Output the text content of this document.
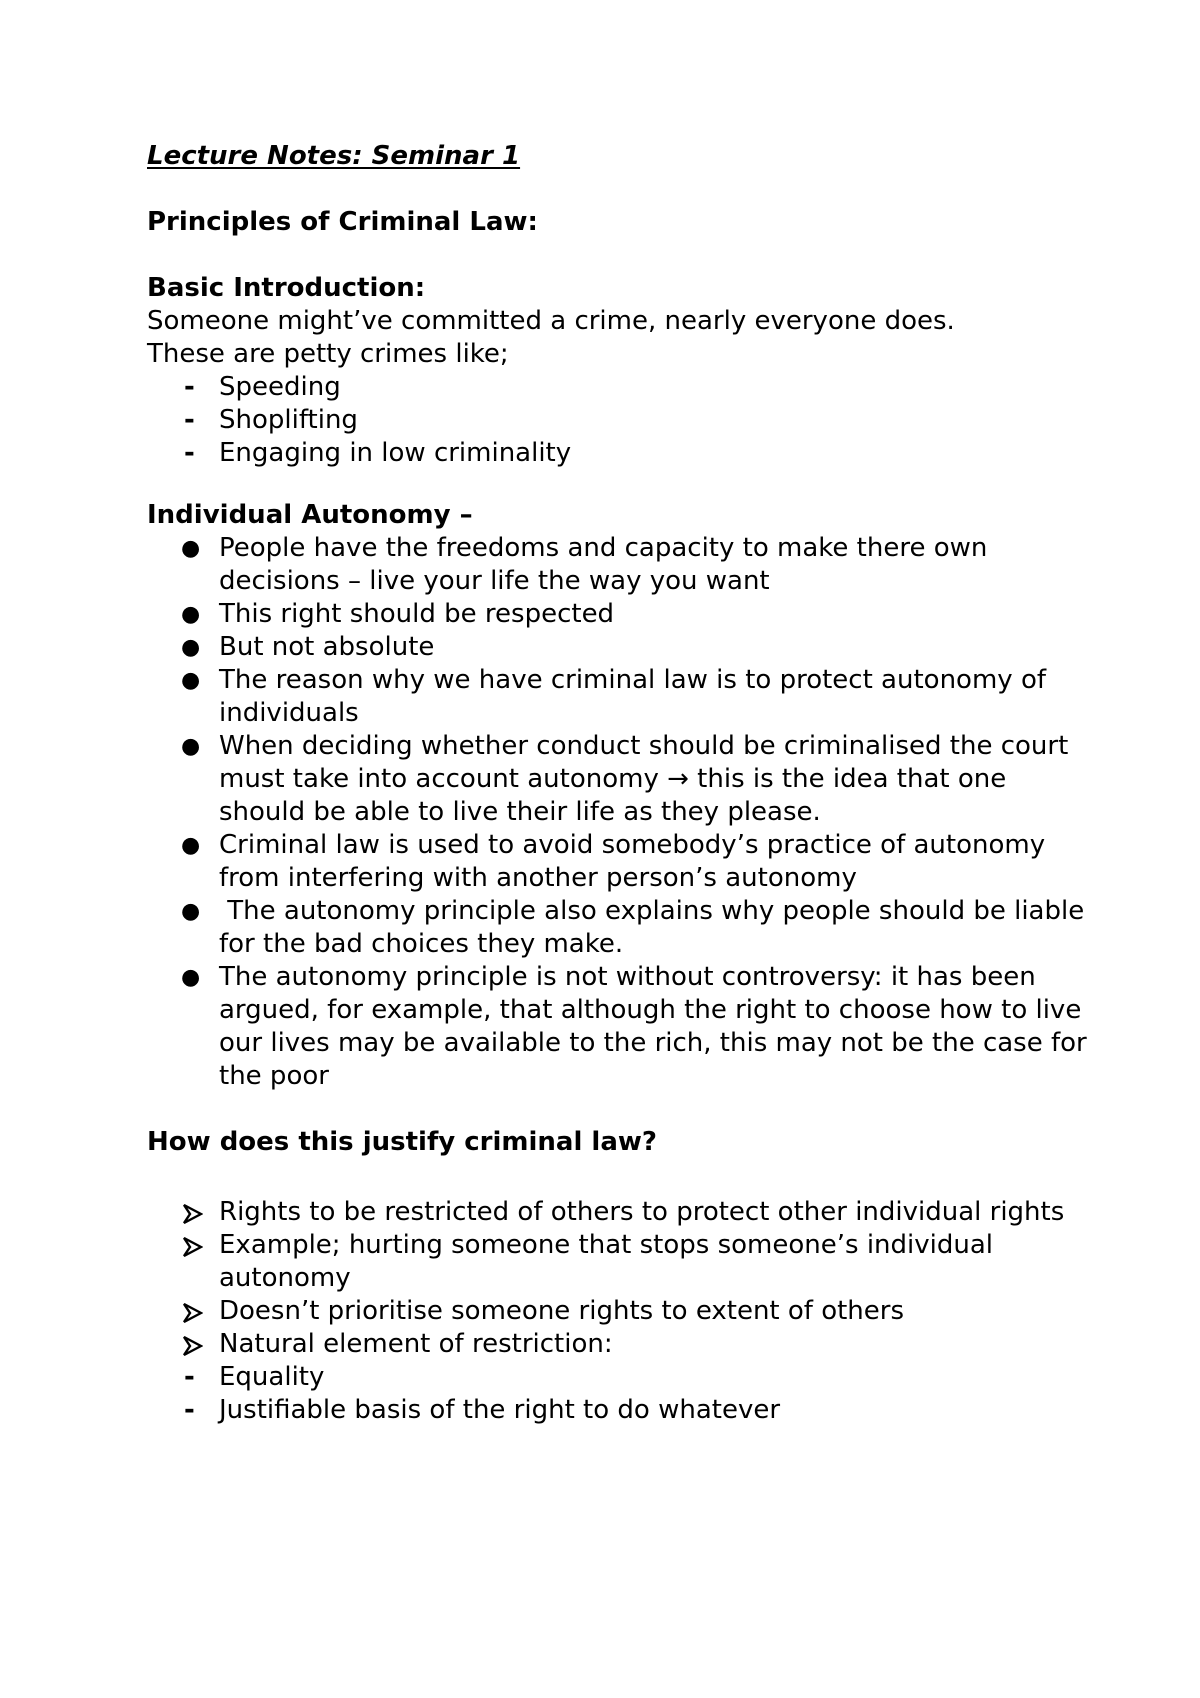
Lecture Notes: Seminar 1

Principles of Criminal Law:

Basic Introduction:

Someone might’ve committed a crime, nearly everyone does.

These are petty crimes like;

- Speeding
- Shoplifting
- Engaging in low criminality

Individual Autonomy –

● People have the freedoms and capacity to make there own decisions – live your life the way you want
● This right should be respected
● But not absolute
● The reason why we have criminal law is to protect autonomy of individuals
● When deciding whether conduct should be criminalised the court must take into account autonomy → this is the idea that one should be able to live their life as they please.
● Criminal law is used to avoid somebody’s practice of autonomy from interfering with another person’s autonomy
● The autonomy principle also explains why people should be liable for the bad choices they make.
● The autonomy principle is not without controversy: it has been argued, for example, that although the right to choose how to live our lives may be available to the rich, this may not be the case for the poor

How does this justify criminal law?

Rights to be restricted of others to protect other individual rights
Example; hurting someone that stops someone’s individual autonomy
Doesn’t prioritise someone rights to extent of others
Natural element of restriction:
- Equality
- Justifiable basis of the right to do whatever
